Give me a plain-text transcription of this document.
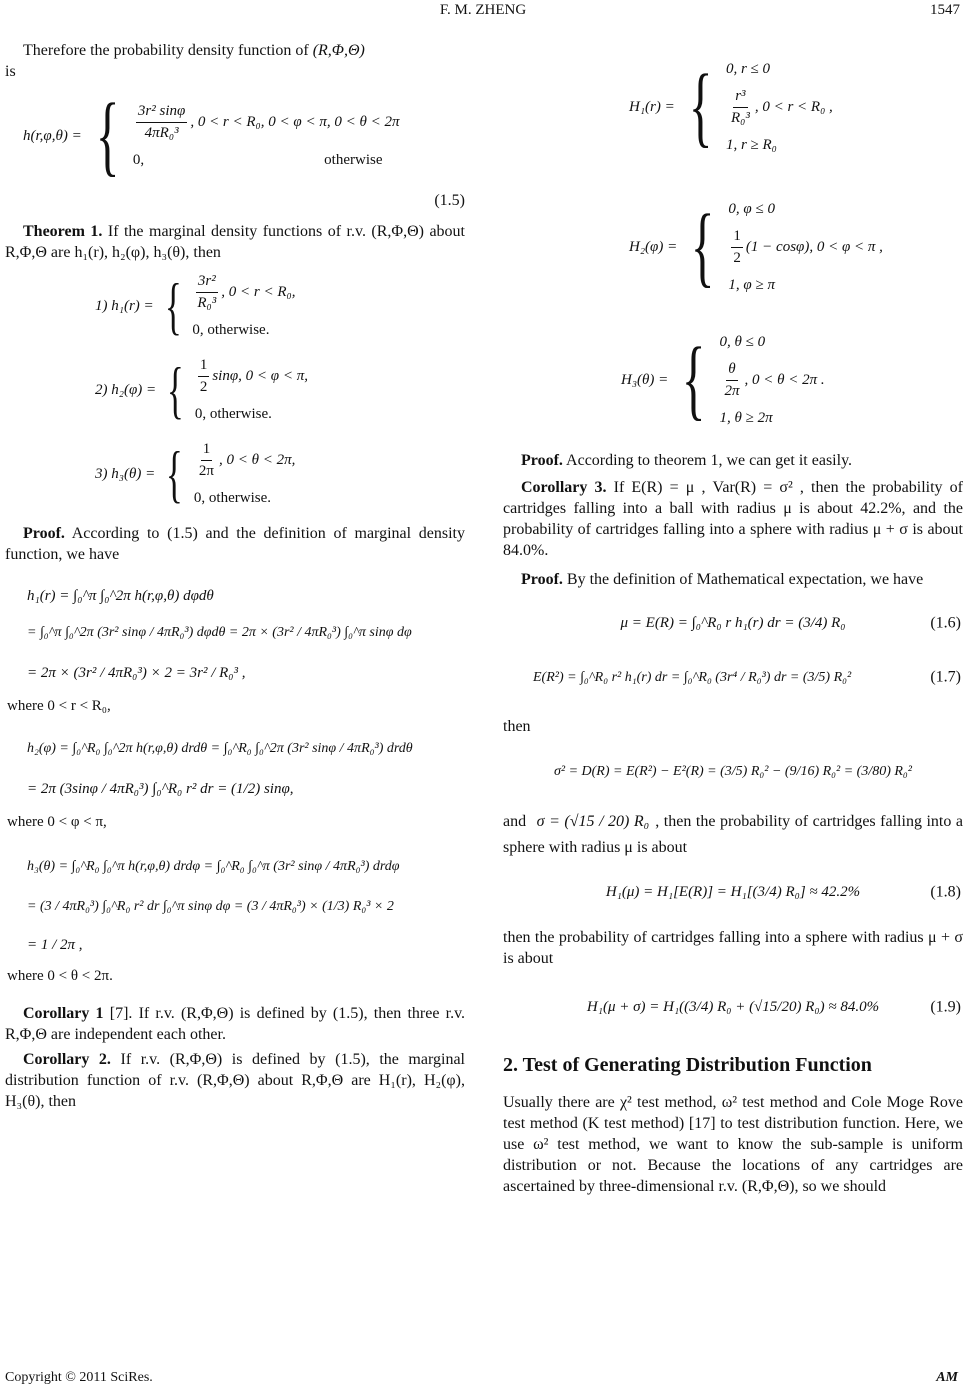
F. M. ZHENG	1547

Therefore the probability density function of (R,Φ,Θ)
is

h(r,φ,θ) = { $\frac{\text{3r² sinφ}}{\text{4πR₀³}}$ , 0 < r < R₀, 0 < φ < π, 0 < θ < 2π
0,	otherwise
(1.5)

Theorem 1. If the marginal density functions of r.v. (R,Φ,Θ) about R,Φ,Θ are h₁(r), h₂(φ), h₃(θ), then

1) h₁(r) = { $\frac{\text{3r²}}{\text{R₀³}}$ , 0 < r < R₀,
0, otherwise.
2) h₂(φ) = { $\frac{1}{2} \sin\varphi$, 0 < φ < π,
0, otherwise.
3) h₃(θ) = { $\frac{1}{2\pi}$ , 0 < θ < 2π,
0, otherwise.

Proof. According to (1.5) and the definition of marginal density function, we have

h₁(r) = ∫₀^π ∫₀^2π h(r,φ,θ) dφdθ
= ∫₀^π ∫₀^2π (3r² sinφ / 4πR₀³) dφdθ = 2π × (3r² / 4πR₀³) ∫₀^π sinφ dφ
= 2π × (3r² / 4πR₀³) × 2 = 3r² / R₀³ ,
where 0 < r < R₀,
h₂(φ) = ∫₀^R₀ ∫₀^2π h(r,φ,θ) drdθ = ∫₀^R₀ ∫₀^2π (3r² sinφ / 4πR₀³) drdθ
= 2π (3sinφ / 4πR₀³) ∫₀^R₀ r² dr = (1/2) sinφ,
where 0 < φ < π,
h₃(θ) = ∫₀^R₀ ∫₀^π h(r,φ,θ) drdφ = ∫₀^R₀ ∫₀^π (3r² sinφ / 4πR₀³) drdφ
= (3 / 4πR₀³) ∫₀^R₀ r² dr ∫₀^π sinφ dφ = (3 / 4πR₀³) × (1/3) R₀³ × 2
= 1 / 2π ,
where 0 < θ < 2π.

Corollary 1 [7]. If r.v. (R,Φ,Θ) is defined by (1.5), then three r.v. R,Φ,Θ are independent each other.

Corollary 2. If r.v. (R,Φ,Θ) is defined by (1.5), the marginal distribution function of r.v. (R,Φ,Θ) about R,Φ,Θ are H₁(r), H₂(φ), H₃(θ), then

H₁(r) = { 0, r ≤ 0
$\frac{\text{r³}}{\text{R₀³}}$ , 0 < r < R₀ ,
1, r ≥ R₀
H₂(φ) = { 0, φ ≤ 0
$\frac{1}{2} (1 - \cos\varphi)$, 0 < φ < π ,
1, φ ≥ π
H₃(θ) = { 0, θ ≤ 0
$\frac{\theta}{2\pi}$ , 0 < θ < 2π .
1, θ ≥ 2π

Proof. According to theorem 1, we can get it easily.

Corollary 3. If E(R) = μ , Var(R) = σ² , then the probability of cartridges falling into a ball with radius μ is about 42.2%, and the probability of cartridges falling into a sphere with radius μ + σ is about 84.0%.

Proof. By the definition of Mathematical expectation, we have

μ = E(R) = ∫₀^R₀ r h₁(r) dr = (3/4) R₀	(1.6)
E(R²) = ∫₀^R₀ r² h₁(r) dr = ∫₀^R₀ (3r⁴ / R₀³) dr = (3/5) R₀²	(1.7)

then

σ² = D(R) = E(R²) − E²(R) = (3/5) R₀² − (9/16) R₀² = (3/80) R₀²

and σ = (√15 / 20) R₀ , then the probability of cartridges falling into a sphere with radius μ is about

H₁(μ) = H₁[E(R)] = H₁[(3/4) R₀] ≈ 42.2%	(1.8)

then the probability of cartridges falling into a sphere with radius μ + σ is about

H₁(μ + σ) = H₁((3/4) R₀ + (√15/20) R₀) ≈ 84.0%	(1.9)
2. Test of Generating Distribution Function

Usually there are χ² test method, ω² test method and Cole Moge Rove test method (K test method) [17] to test distribution function. Here, we use ω² test method, we want to know the sub-sample is uniform distribution or not. Because the locations of any cartridges are ascertained by three-dimensional r.v. (R,Φ,Θ), so we should

Copyright © 2011 SciRes.	AM
